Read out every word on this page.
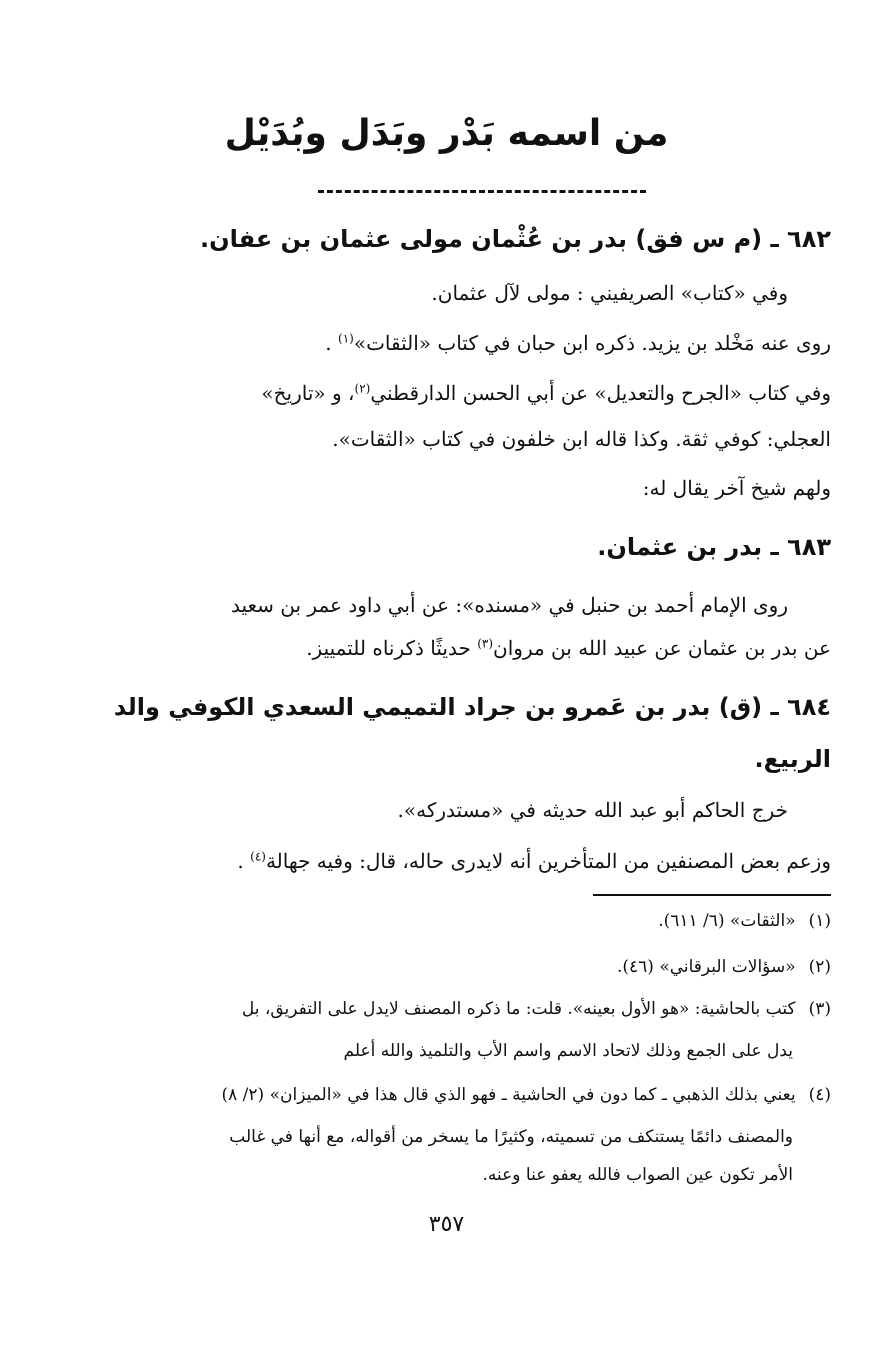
من اسمه بَدْر وبَدَل وبُدَيْل
٦٨٢ ـ (م س فق) بدر بن عُثْمان مولى عثمان بن عفان.
وفي «كتاب» الصريفيني : مولى لآل عثمان.
روى عنه مَخْلد بن يزيد. ذكره ابن حبان في كتاب «الثقات»$^{(١)}$ .
وفي كتاب «الجرح والتعديل» عن أبي الحسن الدارقطني$^{(٢)}$، و «تاريخ»
العجلي: كوفي ثقة. وكذا قاله ابن خلفون في كتاب «الثقات».
ولهم شيخ آخر يقال له:
٦٨٣ ـ بدر بن عثمان.
روى الإمام أحمد بن حنبل في «مسنده»: عن أبي داود عمر بن سعيد
عن بدر بن عثمان عن عبيد الله بن مروان$^{(٣)}$ حديثًا ذكرناه للتمييز.
٦٨٤ ـ (ق) بدر بن عَمرو بن جراد التميمي السعدي الكوفي والد
الربيع.
خرج الحاكم أبو عبد الله حديثه في «مستدركه».
وزعم بعض المصنفين من المتأخرين أنه لايدرى حاله، قال: وفيه جهالة$^{(٤)}$ .
(١) «الثقات» (٦/ ٦١١).
(٢) «سؤالات البرقاني» (٤٦).
(٣) كتب بالحاشية: «هو الأول بعينه». قلت: ما ذكره المصنف لايدل على التفريق، بل
يدل على الجمع وذلك لاتحاد الاسم واسم الأب والتلميذ والله أعلم
(٤) يعني بذلك الذهبي ـ كما دون في الحاشية ـ فهو الذي قال هذا في «الميزان» (٢/ ٨)
والمصنف دائمًا يستنكف من تسميته، وكثيرًا ما يسخر من أقواله، مع أنها في غالب
الأمر تكون عين الصواب فالله يعفو عنا وعنه.
٣٥٧
